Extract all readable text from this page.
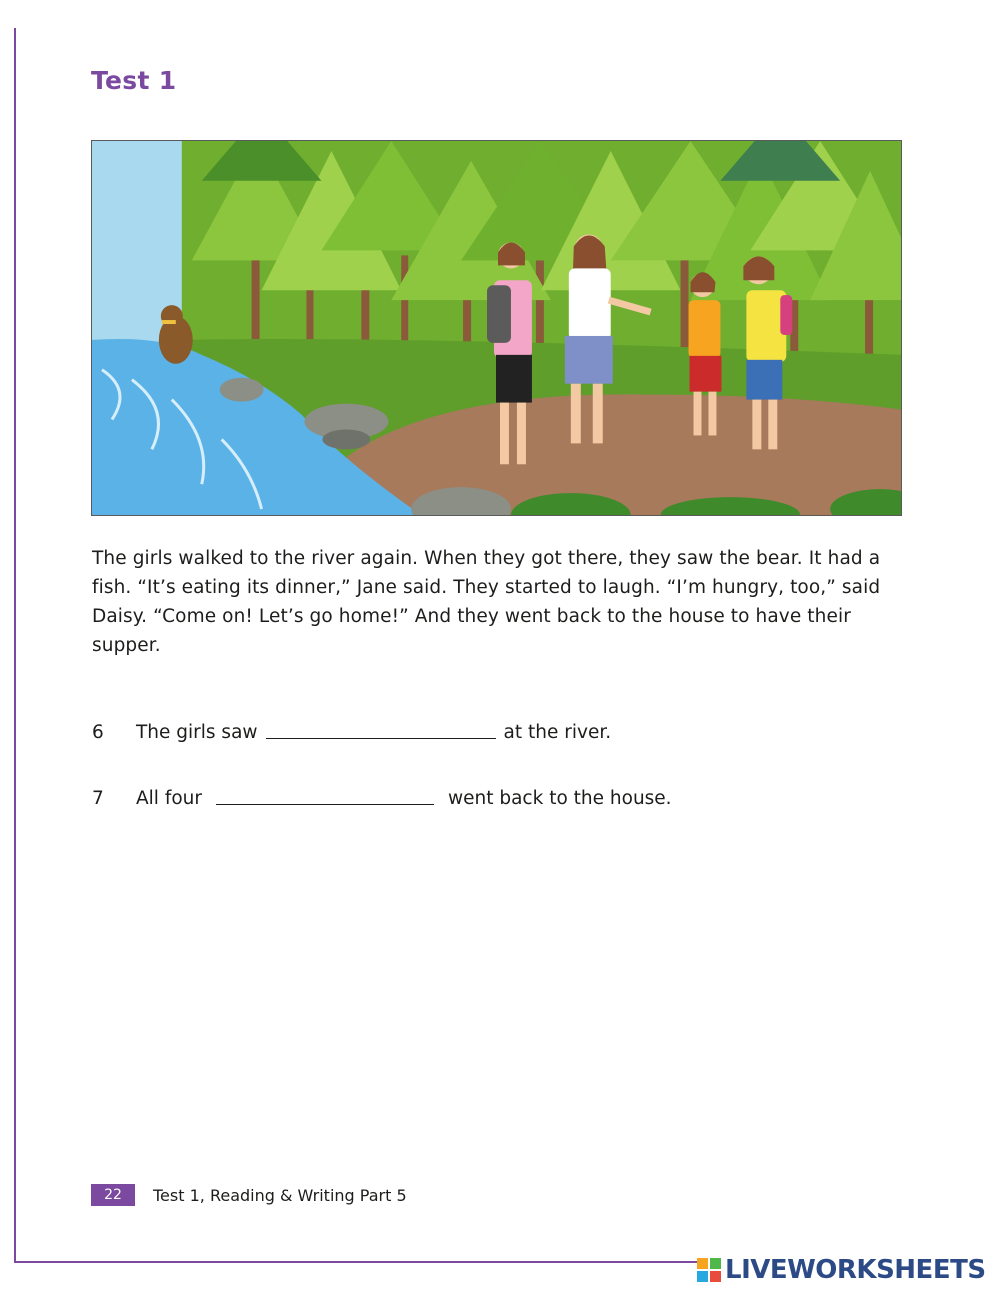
Test 1
The girls walked to the river again. When they got there, they saw the bear. It had a fish. “It’s eating its dinner,” Jane said. They started to laugh. “I’m hungry, too,” said Daisy. “Come on! Let’s go home!” And they went back to the house to have their supper.
6	The girls saw	at the river.
7	All four	went back to the house.
22	Test 1, Reading & Writing Part 5
LIVEWORKSHEETS
